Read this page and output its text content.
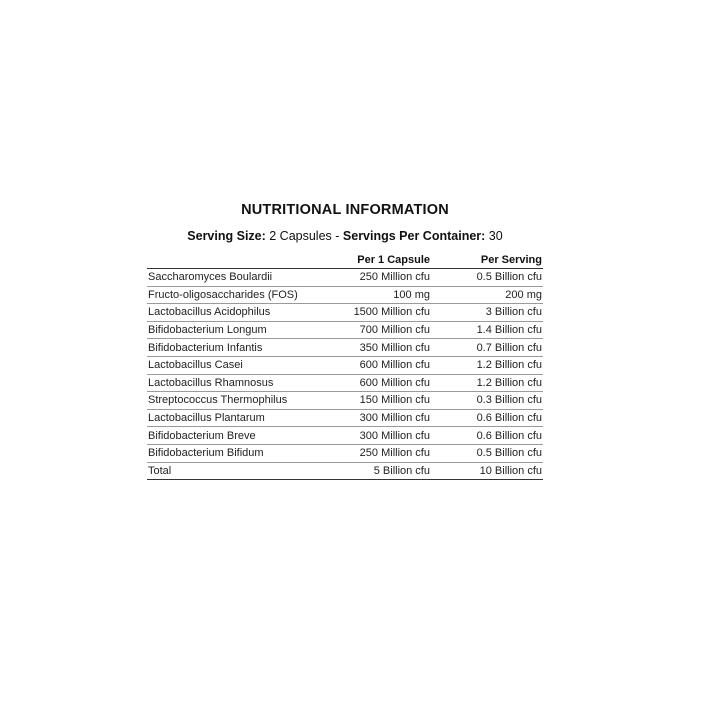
NUTRITIONAL INFORMATION
Serving Size: 2 Capsules - Servings Per Container: 30
	Per 1 Capsule	Per Serving
Saccharomyces Boulardii	250 Million cfu	0.5 Billion cfu
Fructo-oligosaccharides (FOS)	100 mg	200 mg
Lactobacillus Acidophilus	1500 Million cfu	3 Billion cfu
Bifidobacterium Longum	700 Million cfu	1.4 Billion cfu
Bifidobacterium Infantis	350 Million cfu	0.7 Billion cfu
Lactobacillus Casei	600 Million cfu	1.2 Billion cfu
Lactobacillus Rhamnosus	600 Million cfu	1.2 Billion cfu
Streptococcus Thermophilus	150 Million cfu	0.3 Billion cfu
Lactobacillus Plantarum	300 Million cfu	0.6 Billion cfu
Bifidobacterium Breve	300 Million cfu	0.6 Billion cfu
Bifidobacterium Bifidum	250 Million cfu	0.5 Billion cfu
Total	5 Billion cfu	10 Billion cfu
